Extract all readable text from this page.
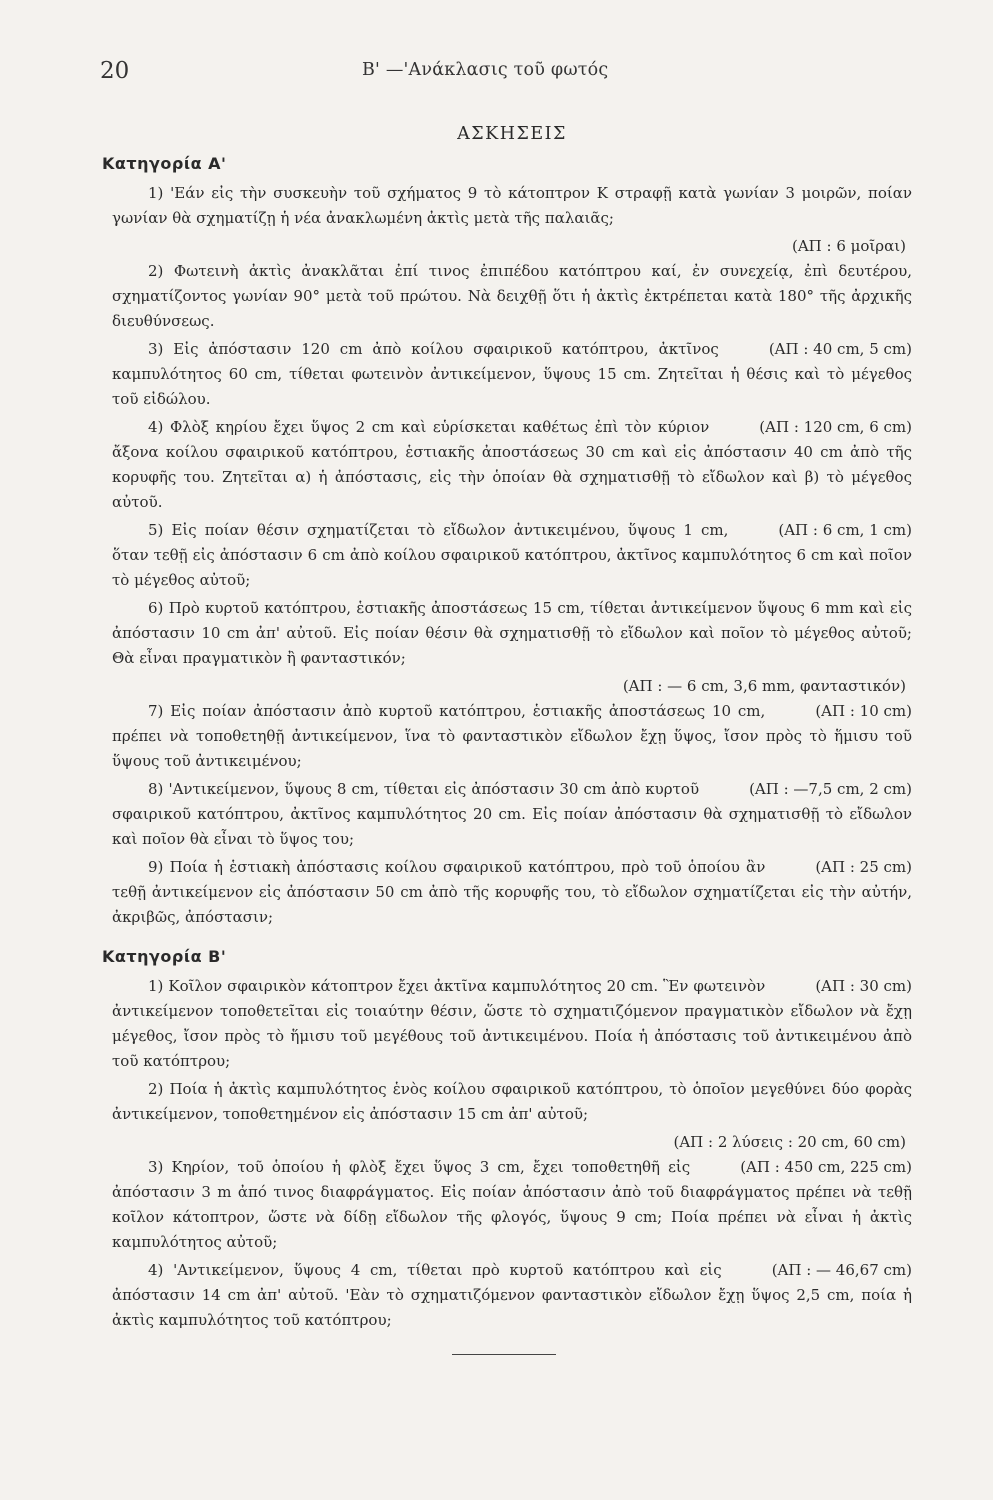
20	Β' —'Ανάκλασις τοῦ φωτός
ΑΣΚΗΣΕΙΣ
Κατηγορία Α'

1) 'Εάν εἰς τὴν συσκευὴν τοῦ σχήματος 9 τὸ κάτοπτρον Κ στραφῇ κατὰ γωνίαν 3 μοιρῶν, ποίαν γωνίαν θὰ σχηματίζῃ ἡ νέα ἀνακλωμένη ἀκτὶς μετὰ τῆς παλαιᾶς;

(ΑΠ : 6 μοῖραι)

2) Φωτεινὴ ἀκτὶς ἀνακλᾶται ἐπί τινος ἐπιπέδου κατόπτρου καί, ἐν συνεχείᾳ, ἐπὶ δευτέρου, σχηματίζοντος γωνίαν 90° μετὰ τοῦ πρώτου. Νὰ δειχθῇ ὅτι ἡ ἀκτὶς ἐκτρέπεται κατὰ 180° τῆς ἀρχικῆς διευθύνσεως.

(ΑΠ : 40 cm, 5 cm)
3) Εἰς ἀπόστασιν 120 cm ἀπὸ κοίλου σφαιρικοῦ κατόπτρου, ἀκτῖνος καμπυλότητος 60 cm, τίθεται φωτεινὸν ἀντικείμενον, ὕψους 15 cm. Ζητεῖται ἡ θέσις καὶ τὸ μέγεθος τοῦ εἰδώλου.

(ΑΠ : 120 cm, 6 cm)
4) Φλὸξ κηρίου ἔχει ὕψος 2 cm καὶ εὑρίσκεται καθέτως ἐπὶ τὸν κύριον ἄξονα κοίλου σφαιρικοῦ κατόπτρου, ἑστιακῆς ἀποστάσεως 30 cm καὶ εἰς ἀπόστασιν 40 cm ἀπὸ τῆς κορυφῆς του. Ζητεῖται α) ἡ ἀπόστασις, εἰς τὴν ὁποίαν θὰ σχηματισθῇ τὸ εἴδωλον καὶ β) τὸ μέγεθος αὐτοῦ.

(ΑΠ : 6 cm, 1 cm)
5) Εἰς ποίαν θέσιν σχηματίζεται τὸ εἴδωλον ἀντικειμένου, ὕψους 1 cm, ὅταν τεθῇ εἰς ἀπόστασιν 6 cm ἀπὸ κοίλου σφαιρικοῦ κατόπτρου, ἀκτῖνος καμπυλότητος 6 cm καὶ ποῖον τὸ μέγεθος αὐτοῦ;

6) Πρὸ κυρτοῦ κατόπτρου, ἑστιακῆς ἀποστάσεως 15 cm, τίθεται ἀντικείμενον ὕψους 6 mm καὶ εἰς ἀπόστασιν 10 cm ἀπ' αὐτοῦ. Εἰς ποίαν θέσιν θὰ σχηματισθῇ τὸ εἴδωλον καὶ ποῖον τὸ μέγεθος αὐτοῦ; Θὰ εἶναι πραγματικὸν ἢ φανταστικόν;

(ΑΠ : — 6 cm, 3,6 mm, φανταστικόν)

(ΑΠ : 10 cm)
7) Εἰς ποίαν ἀπόστασιν ἀπὸ κυρτοῦ κατόπτρου, ἑστιακῆς ἀποστάσεως 10 cm, πρέπει νὰ τοποθετηθῇ ἀντικείμενον, ἵνα τὸ φανταστικὸν εἴδωλον ἔχῃ ὕψος, ἴσον πρὸς τὸ ἥμισυ τοῦ ὕψους τοῦ ἀντικειμένου;

(ΑΠ : —7,5 cm, 2 cm)
8) 'Αντικείμενον, ὕψους 8 cm, τίθεται εἰς ἀπόστασιν 30 cm ἀπὸ κυρτοῦ σφαιρικοῦ κατόπτρου, ἀκτῖνος καμπυλότητος 20 cm. Εἰς ποίαν ἀπόστασιν θὰ σχηματισθῇ τὸ εἴδωλον καὶ ποῖον θὰ εἶναι τὸ ὕψος του;

(ΑΠ : 25 cm)
9) Ποία ἡ ἑστιακὴ ἀπόστασις κοίλου σφαιρικοῦ κατόπτρου, πρὸ τοῦ ὁποίου ἂν τεθῇ ἀντικείμενον εἰς ἀπόστασιν 50 cm ἀπὸ τῆς κορυφῆς του, τὸ εἴδωλον σχηματίζεται εἰς τὴν αὐτήν, ἀκριβῶς, ἀπόστασιν;

Κατηγορία Β'

(ΑΠ : 30 cm)
1) Κοῖλον σφαιρικὸν κάτοπτρον ἔχει ἀκτῖνα καμπυλότητος 20 cm. Ἓν φωτεινὸν ἀντικείμενον τοποθετεῖται εἰς τοιαύτην θέσιν, ὥστε τὸ σχηματιζόμενον πραγματικὸν εἴδωλον νὰ ἔχῃ μέγεθος, ἴσον πρὸς τὸ ἥμισυ τοῦ μεγέθους τοῦ ἀντικειμένου. Ποία ἡ ἀπόστασις τοῦ ἀντικειμένου ἀπὸ τοῦ κατόπτρου;

2) Ποία ἡ ἀκτὶς καμπυλότητος ἑνὸς κοίλου σφαιρικοῦ κατόπτρου, τὸ ὁποῖον μεγεθύνει δύο φορὰς ἀντικείμενον, τοποθετημένον εἰς ἀπόστασιν 15 cm ἀπ' αὐτοῦ;

(ΑΠ : 2 λύσεις : 20 cm, 60 cm)

(ΑΠ : 450 cm, 225 cm)
3) Κηρίον, τοῦ ὁποίου ἡ φλὸξ ἔχει ὕψος 3 cm, ἔχει τοποθετηθῆ εἰς ἀπόστασιν 3 m ἀπό τινος διαφράγματος. Εἰς ποίαν ἀπόστασιν ἀπὸ τοῦ διαφράγματος πρέπει νὰ τεθῇ κοῖλον κάτοπτρον, ὥστε νὰ δίδῃ εἴδωλον τῆς φλογός, ὕψους 9 cm; Ποία πρέπει νὰ εἶναι ἡ ἀκτὶς καμπυλότητος αὐτοῦ;

(ΑΠ : — 46,67 cm)
4) 'Αντικείμενον, ὕψους 4 cm, τίθεται πρὸ κυρτοῦ κατόπτρου καὶ εἰς ἀπόστασιν 14 cm ἀπ' αὐτοῦ. 'Εὰν τὸ σχηματιζόμενον φανταστικὸν εἴδωλον ἔχῃ ὕψος 2,5 cm, ποία ἡ ἀκτὶς καμπυλότητος τοῦ κατόπτρου;
